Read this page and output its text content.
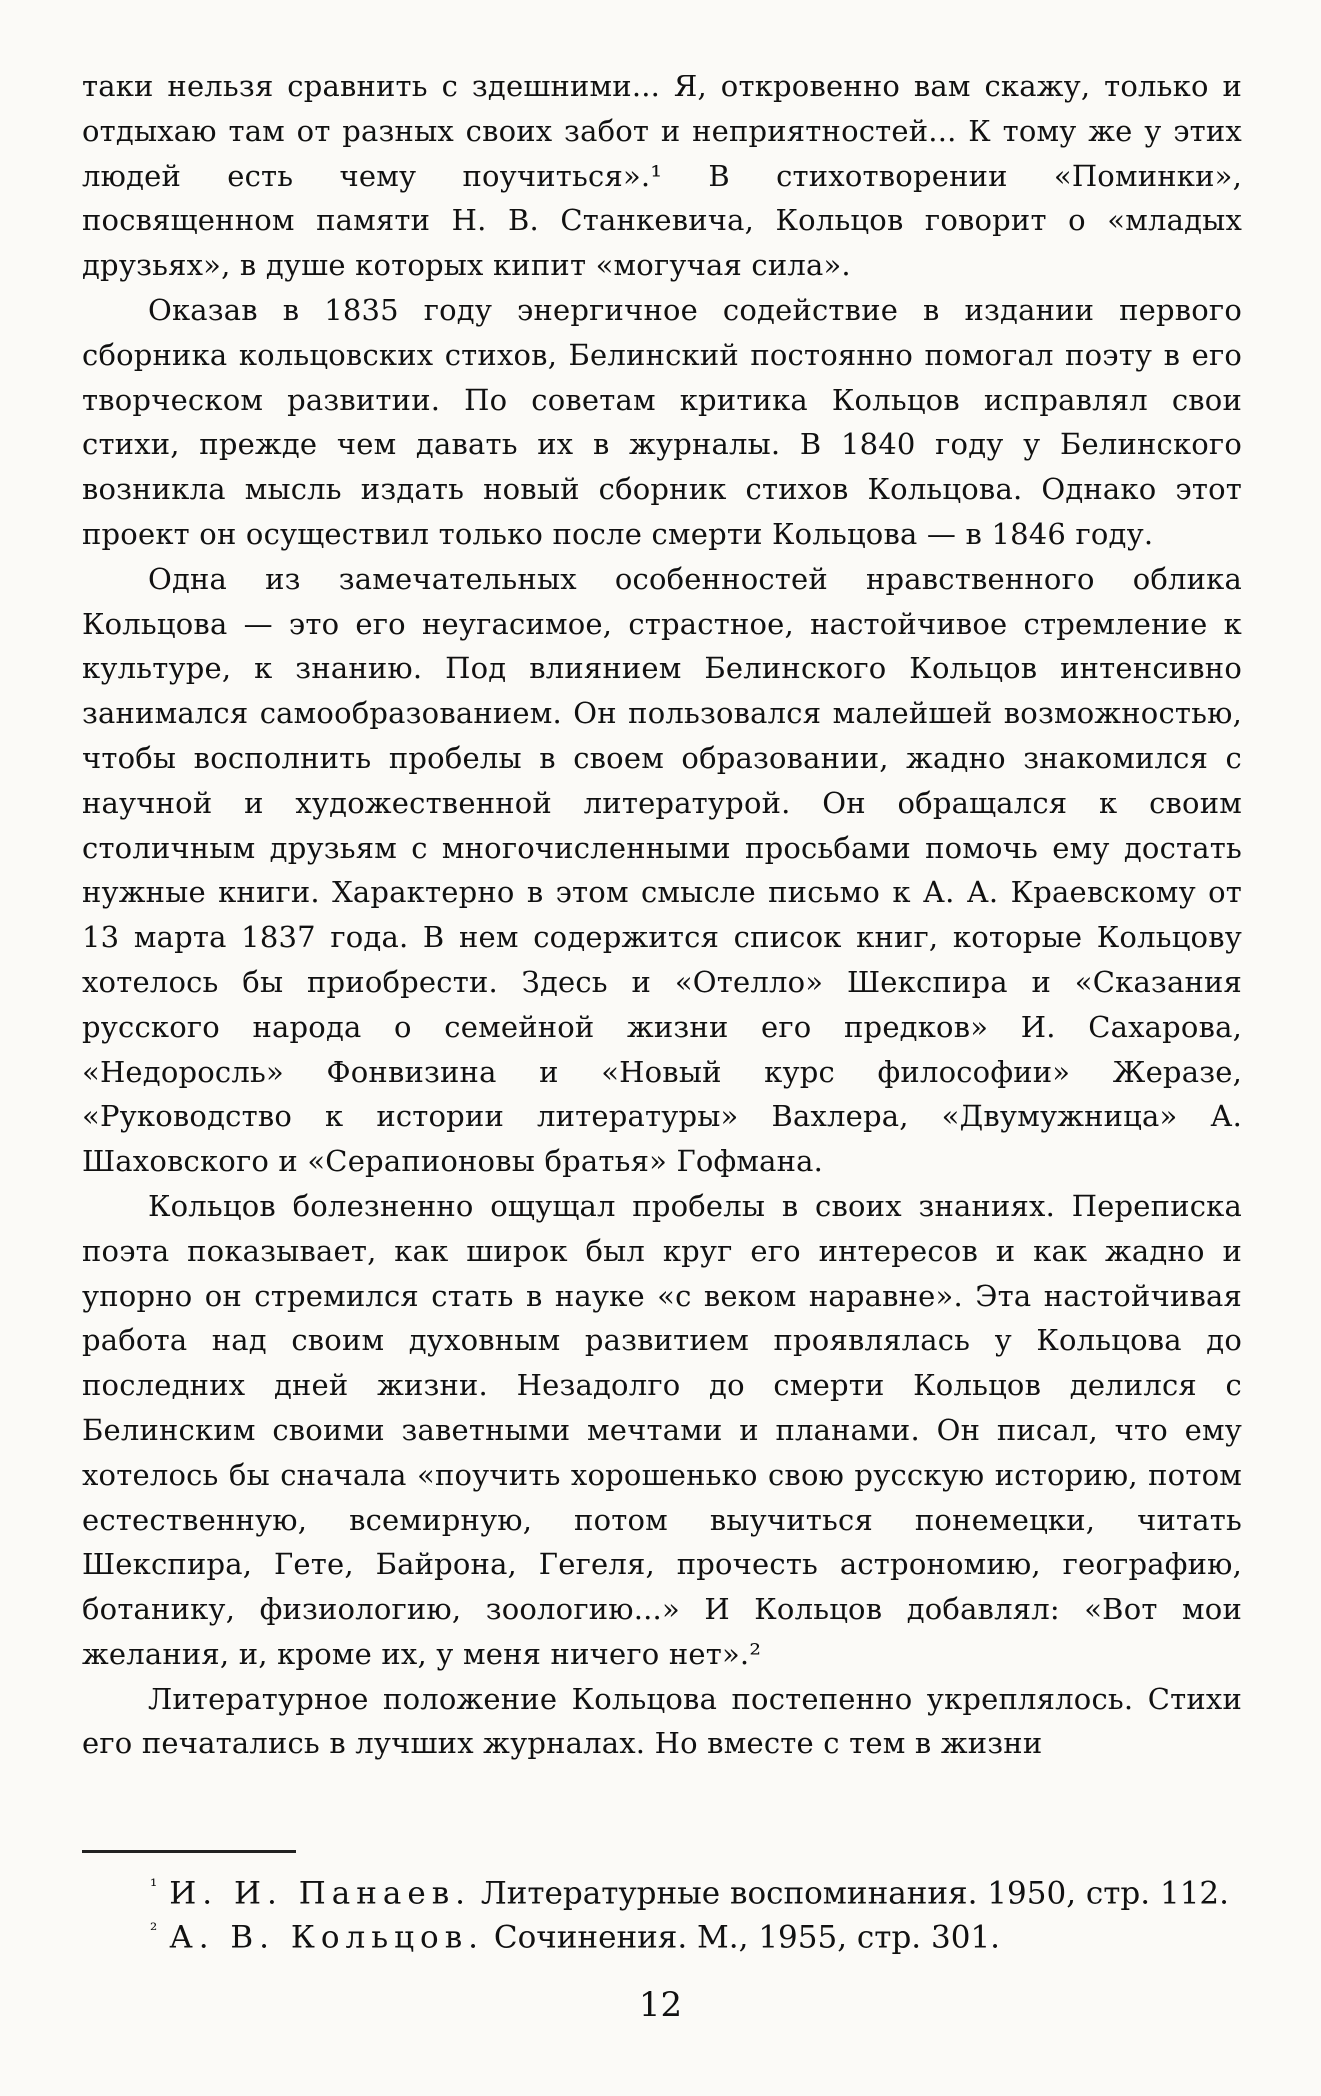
таки нельзя сравнить с здешними... Я, откровенно вам скажу, только и отдыхаю там от разных своих забот и неприятностей... К тому же у этих людей есть чему поучиться».¹ В стихотворении «Поминки», посвященном памяти Н. В. Станкевича, Кольцов говорит о «младых друзьях», в душе которых кипит «могучая сила».

Оказав в 1835 году энергичное содействие в издании первого сборника кольцовских стихов, Белинский постоянно помогал поэту в его творческом развитии. По советам критика Кольцов исправлял свои стихи, прежде чем давать их в журналы. В 1840 году у Белинского возникла мысль издать новый сборник стихов Кольцова. Однако этот проект он осуществил только после смерти Кольцова — в 1846 году.

Одна из замечательных особенностей нравственного облика Кольцова — это его неугасимое, страстное, настойчивое стремление к культуре, к знанию. Под влиянием Белинского Кольцов интенсивно занимался самообразованием. Он пользовался малейшей возможностью, чтобы восполнить пробелы в своем образовании, жадно знакомился с научной и художественной литературой. Он обращался к своим столичным друзьям с многочисленными просьбами помочь ему достать нужные книги. Характерно в этом смысле письмо к А. А. Краевскому от 13 марта 1837 года. В нем содержится список книг, которые Кольцову хотелось бы приобрести. Здесь и «Отелло» Шекспира и «Сказания русского народа о семейной жизни его предков» И. Сахарова, «Недоросль» Фонвизина и «Новый курс философии» Жеразе, «Руководство к истории литературы» Вахлера, «Двумужница» А. Шаховского и «Серапионовы братья» Гофмана.

Кольцов болезненно ощущал пробелы в своих знаниях. Переписка поэта показывает, как широк был круг его интересов и как жадно и упорно он стремился стать в науке «с веком наравне». Эта настойчивая работа над своим духовным развитием проявлялась у Кольцова до последних дней жизни. Незадолго до смерти Кольцов делился с Белинским своими заветными мечтами и планами. Он писал, что ему хотелось бы сначала «поучить хорошенько свою русскую историю, потом естественную, всемирную, потом выучиться понемецки, читать Шекспира, Гете, Байрона, Гегеля, прочесть астрономию, географию, ботанику, физиологию, зоологию...» И Кольцов добавлял: «Вот мои желания, и, кроме их, у меня ничего нет».²

Литературное положение Кольцова постепенно укреплялось. Стихи его печатались в лучших журналах. Но вместе с тем в жизни

$^{^1}$ И. И. Панаев. Литературные воспоминания. 1950, стр. 112.

$^{^2}$ А. В. Кольцов. Сочинения. М., 1955, стр. 301.

12
